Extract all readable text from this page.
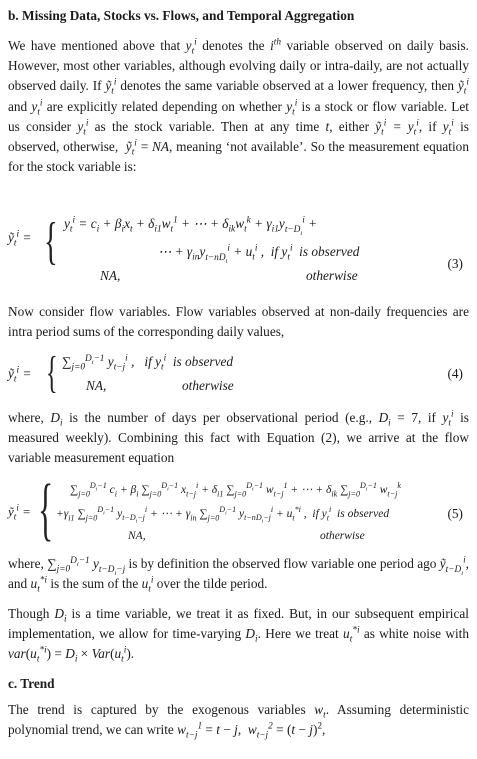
b. Missing Data, Stocks vs. Flows, and Temporal Aggregation
We have mentioned above that $y_t^i$ denotes the $i^{th}$ variable observed on daily basis. However, most other variables, although evolving daily or intra-daily, are not actually observed daily. If ỹ$_t^i$ denotes the same variable observed at a lower frequency, then ỹ$_t^i$ and $y_t^i$ are explicitly related depending on whether $y_t^i$ is a stock or flow variable. Let us consider $y_t^i$ as the stock variable. Then at any time t, either ỹ$_t^i$ = $y_t^i$, if $y_t^i$ is observed, otherwise,  ỹ$_t^i$ = NA, meaning ‘not available’. So the measurement equation for the stock variable is:
ỹ$_t^i$ = { $y_t^i = c_i + \beta_ix_t + \delta_{i1}w_t^1$ + ⋯ + $\delta_{ik}w_t^k + \gamma_{i1}y_{t-D_i}^i$ +
⋯ + $\gamma_{in}y_{t-nD_i}^i + u_t^i$ ,  if $y_t^i$  is observed
NA,	otherwise
(3)
Now consider flow variables. Flow variables observed at non-daily frequencies are intra period sums of the corresponding daily values,
ỹ$_t^i$ = { $\sum_{j=0}^{D_i-1}$ $y_{t-j}^i$ ,   if $y_t^i$  is observed
NA,	otherwise
(4)
where, $D_i$ is the number of days per observational period (e.g., $D_i = 7$, if $y_t^i$ is measured weekly). Combining this fact with Equation (2), we arrive at the flow variable measurement equation
ỹ$_t^i$ = { $\sum_{j=0}^{D_i-1}$ $c_i + \beta_i$ $\sum_{j=0}^{D_i-1}$ $x_{t-j}^i + \delta_{i1}$ $\sum_{j=0}^{D_i-1}$ $w_{t-j}^1$ + ⋯ + $\delta_{ik}$ $\sum_{j=0}^{D_i-1}$ $w_{t-j}^k$
$+\gamma_{i1}$ $\sum_{j=0}^{D_i-1}$ $y_{t-D_i-j}^i$ + ⋯ + $\gamma_{in}$ $\sum_{j=0}^{D_i-1}$ $y_{t-nD_i-j}^i + u_t^{*i}$ ,  if $y_t^i$  is observed
NA,	otherwise
(5)
where, $\sum_{j=0}^{D_i-1}$ $y_{t-D_i-j}$ is by definition the observed flow variable one period ago ỹ$_{t-D_i}^i$, and $u_t^{*i}$ is the sum of the $u_t^i$ over the tilde period.
Though $D_i$ is a time variable, we treat it as fixed. But, in our subsequent empirical implementation, we allow for time-varying $D_i$. Here we treat $u_t^{*i}$ as white noise with $var(u_t^{*i}) = D_i \times Var(u_t^i)$.
c. Trend
The trend is captured by the exogenous variables $w_t$. Assuming deterministic polynomial trend, we can write $w_{t-j}^1 = t - j$,  $w_{t-j}^2 = (t - j)^2$,
